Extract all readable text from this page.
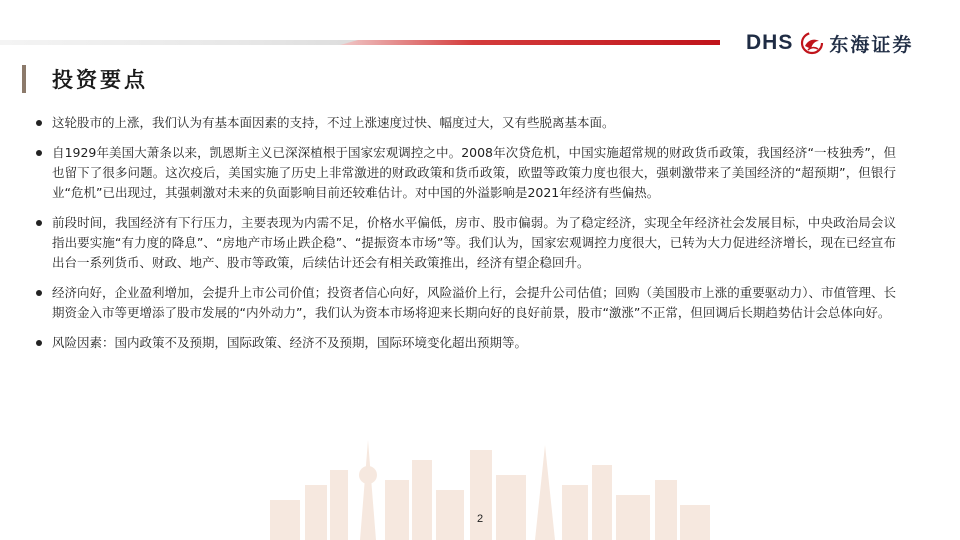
DHS 东海证券
投资要点
这轮股市的上涨，我们认为有基本面因素的支持，不过上涨速度过快、幅度过大，又有些脱离基本面。
自1929年美国大萧条以来，凯恩斯主义已深深植根于国家宏观调控之中。2008年次贷危机，中国实施超常规的财政货币政策，我国经济“一枝独秀”，但也留下了很多问题。这次疫后，美国实施了历史上非常激进的财政政策和货币政策，欧盟等政策力度也很大，强刺激带来了美国经济的“超预期”，但银行业“危机”已出现过，其强刺激对未来的负面影响目前还较难估计。对中国的外溢影响是2021年经济有些偏热。
前段时间，我国经济有下行压力，主要表现为内需不足，价格水平偏低，房市、股市偏弱。为了稳定经济，实现全年经济社会发展目标，中央政治局会议指出要实施“有力度的降息”、“房地产市场止跌企稳”、“提振资本市场”等。我们认为，国家宏观调控力度很大，已转为大力促进经济增长，现在已经宣布出台一系列货币、财政、地产、股市等政策，后续估计还会有相关政策推出，经济有望企稳回升。
经济向好，企业盈利增加，会提升上市公司价值；投资者信心向好，风险溢价上行，会提升公司估值；回购（美国股市上涨的重要驱动力）、市值管理、长期资金入市等更增添了股市发展的“内外动力”，我们认为资本市场将迎来长期向好的良好前景，股市“激涨”不正常，但回调后长期趋势估计会总体向好。
风险因素：国内政策不及预期，国际政策、经济不及预期，国际环境变化超出预期等。
2
